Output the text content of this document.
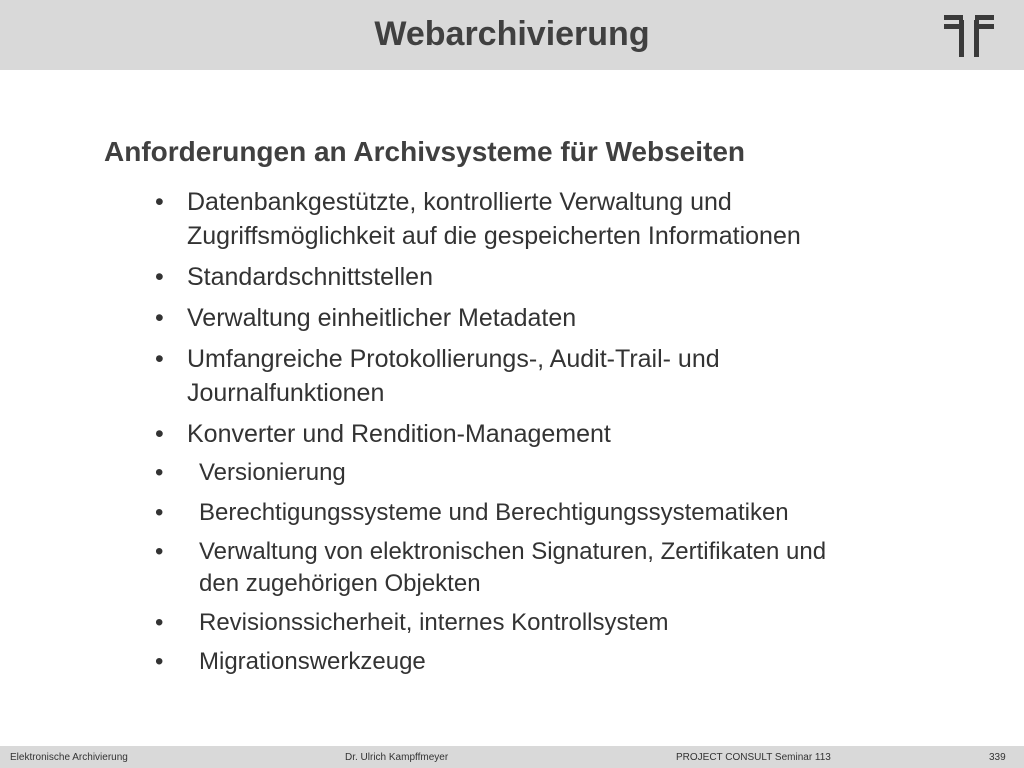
Webarchivierung
Anforderungen an Archivsysteme für Webseiten
• Datenbankgestützte, kontrollierte Verwaltung und
Zugriffsmöglichkeit auf die gespeicherten Informationen
• Standardschnittstellen
• Verwaltung einheitlicher Metadaten
• Umfangreiche Protokollierungs-, Audit-Trail- und
Journalfunktionen
• Konverter und Rendition-Management
• Versionierung
• Berechtigungssysteme und Berechtigungssystematiken
• Verwaltung von elektronischen Signaturen, Zertifikaten und
den zugehörigen Objekten
• Revisionssicherheit, internes Kontrollsystem
• Migrationswerkzeuge
Elektronische Archivierung	Dr. Ulrich Kampffmeyer	PROJECT CONSULT Seminar 113	339
